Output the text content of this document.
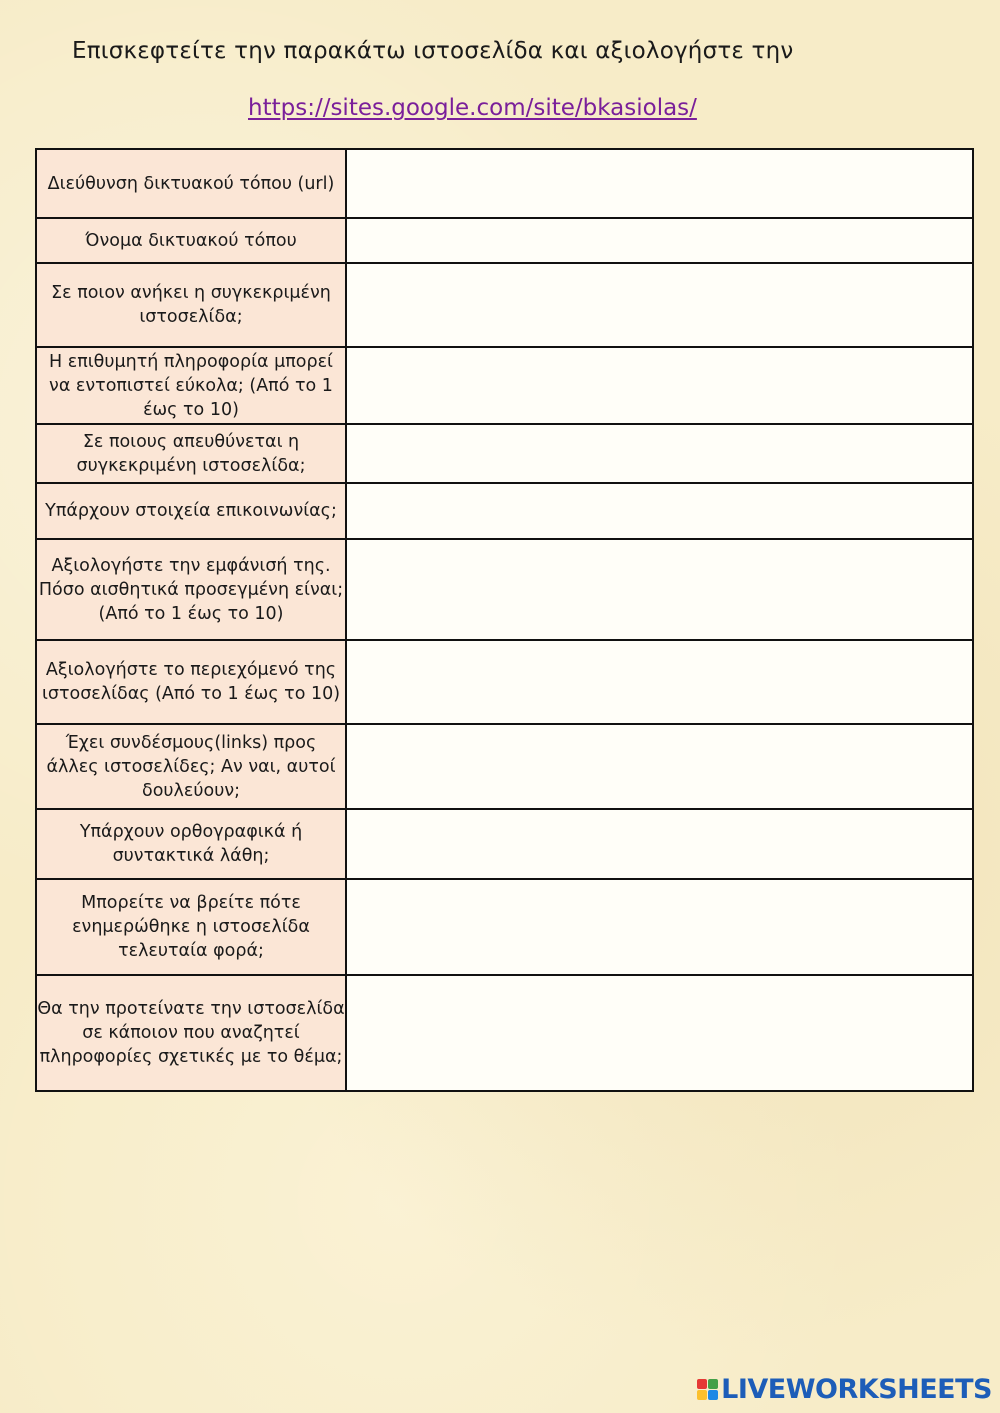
Επισκεφτείτε την παρακάτω ιστοσελίδα και αξιολογήστε την
https://sites.google.com/site/bkasiolas/
Διεύθυνση δικτυακού τόπου (url)	
Όνομα δικτυακού τόπου	
Σε ποιον ανήκει η συγκεκριμένη ιστοσελίδα;	
Η επιθυμητή πληροφορία μπορεί να εντοπιστεί εύκολα; (Από το 1 έως το 10)	
Σε ποιους απευθύνεται η συγκεκριμένη ιστοσελίδα;	
Υπάρχουν στοιχεία επικοινωνίας;	
Αξιολογήστε την εμφάνισή της. Πόσο αισθητικά προσεγμένη είναι; (Από το 1 έως το 10)	
Αξιολογήστε το περιεχόμενό της ιστοσελίδας (Από το 1 έως το 10)	
Έχει συνδέσμους(links) προς άλλες ιστοσελίδες; Αν ναι, αυτοί δουλεύουν;	
Υπάρχουν ορθογραφικά ή συντακτικά λάθη;	
Μπορείτε να βρείτε πότε ενημερώθηκε η ιστοσελίδα τελευταία φορά;	
Θα την προτείνατε την ιστοσελίδα σε κάποιον που αναζητεί πληροφορίες σχετικές με το θέμα;	
LIVEWORKSHEETS
